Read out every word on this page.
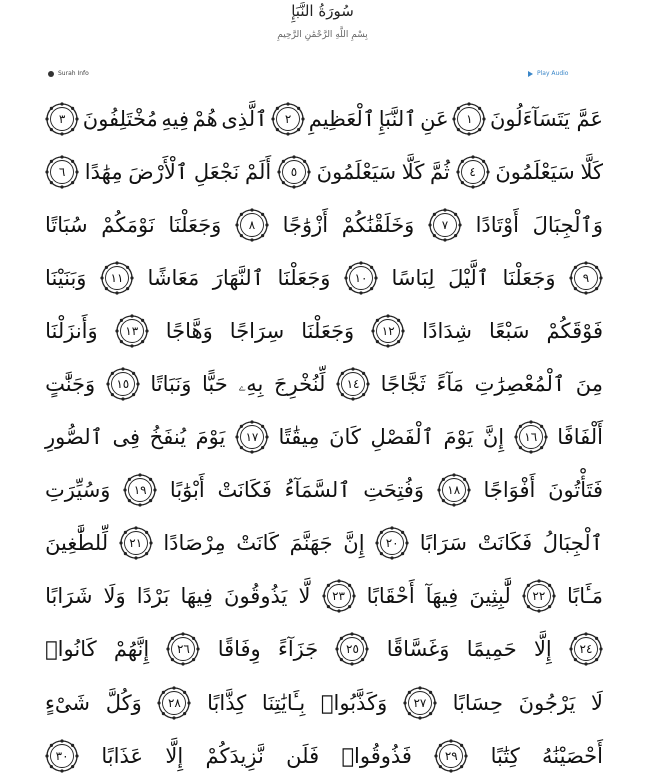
سُورَةُ النَّبَإِ
بِسْمِ اللَّهِ الرَّحْمَٰنِ الرَّحِيمِ
Surah Info	Play Audio
عَمَّ يَتَسَآءَلُونَ
١
عَنِ
ٱلنَّبَإِ
ٱلْعَظِيمِ
٢
ٱلَّذِى
هُمْ
فِيهِ
مُخْتَلِفُونَ
٣
كَلَّا
سَيَعْلَمُونَ
٤
ثُمَّ
كَلَّا
سَيَعْلَمُونَ
٥
أَلَمْ
نَجْعَلِ
ٱلْأَرْضَ
مِهَٰدًا
٦
وَٱلْجِبَالَ
أَوْتَادًا
٧
وَخَلَقْنَٰكُمْ
أَزْوَٰجًا
٨
وَجَعَلْنَا
نَوْمَكُمْ
سُبَاتًا
٩
وَجَعَلْنَا
ٱلَّيْلَ
لِبَاسًا
١٠
وَجَعَلْنَا
ٱلنَّهَارَ
مَعَاشًا
١١
وَبَنَيْنَا
فَوْقَكُمْ
سَبْعًا
شِدَادًا
١٢
وَجَعَلْنَا
سِرَاجًا
وَهَّاجًا
١٣
وَأَنزَلْنَا
مِنَ
ٱلْمُعْصِرَٰتِ
مَآءً
ثَجَّاجًا
١٤
لِّنُخْرِجَ
بِهِۦ
حَبًّا
وَنَبَاتًا
١٥
وَجَنَّٰتٍ
أَلْفَافًا
١٦
إِنَّ
يَوْمَ
ٱلْفَصْلِ
كَانَ
مِيقَٰتًا
١٧
يَوْمَ
يُنفَخُ
فِى
ٱلصُّورِ
فَتَأْتُونَ
أَفْوَاجًا
١٨
وَفُتِحَتِ
ٱلسَّمَآءُ
فَكَانَتْ
أَبْوَٰبًا
١٩
وَسُيِّرَتِ
ٱلْجِبَالُ
فَكَانَتْ
سَرَابًا
٢٠
إِنَّ
جَهَنَّمَ
كَانَتْ
مِرْصَادًا
٢١
لِّلطَّٰغِينَ
مَـَٔابًا
٢٢
لَّٰبِثِينَ
فِيهَآ
أَحْقَابًا
٢٣
لَّا
يَذُوقُونَ
فِيهَا
بَرْدًا
وَلَا
شَرَابًا
٢٤
إِلَّا
حَمِيمًا
وَغَسَّاقًا
٢٥
جَزَآءً
وِفَاقًا
٢٦
إِنَّهُمْ
كَانُوا۟
لَا
يَرْجُونَ
حِسَابًا
٢٧
وَكَذَّبُوا۟
بِـَٔايَٰتِنَا
كِذَّابًا
٢٨
وَكُلَّ
شَىْءٍ
أَحْصَيْنَٰهُ
كِتَٰبًا
٢٩
فَذُوقُوا۟
فَلَن
نَّزِيدَكُمْ
إِلَّا
عَذَابًا
٣٠
